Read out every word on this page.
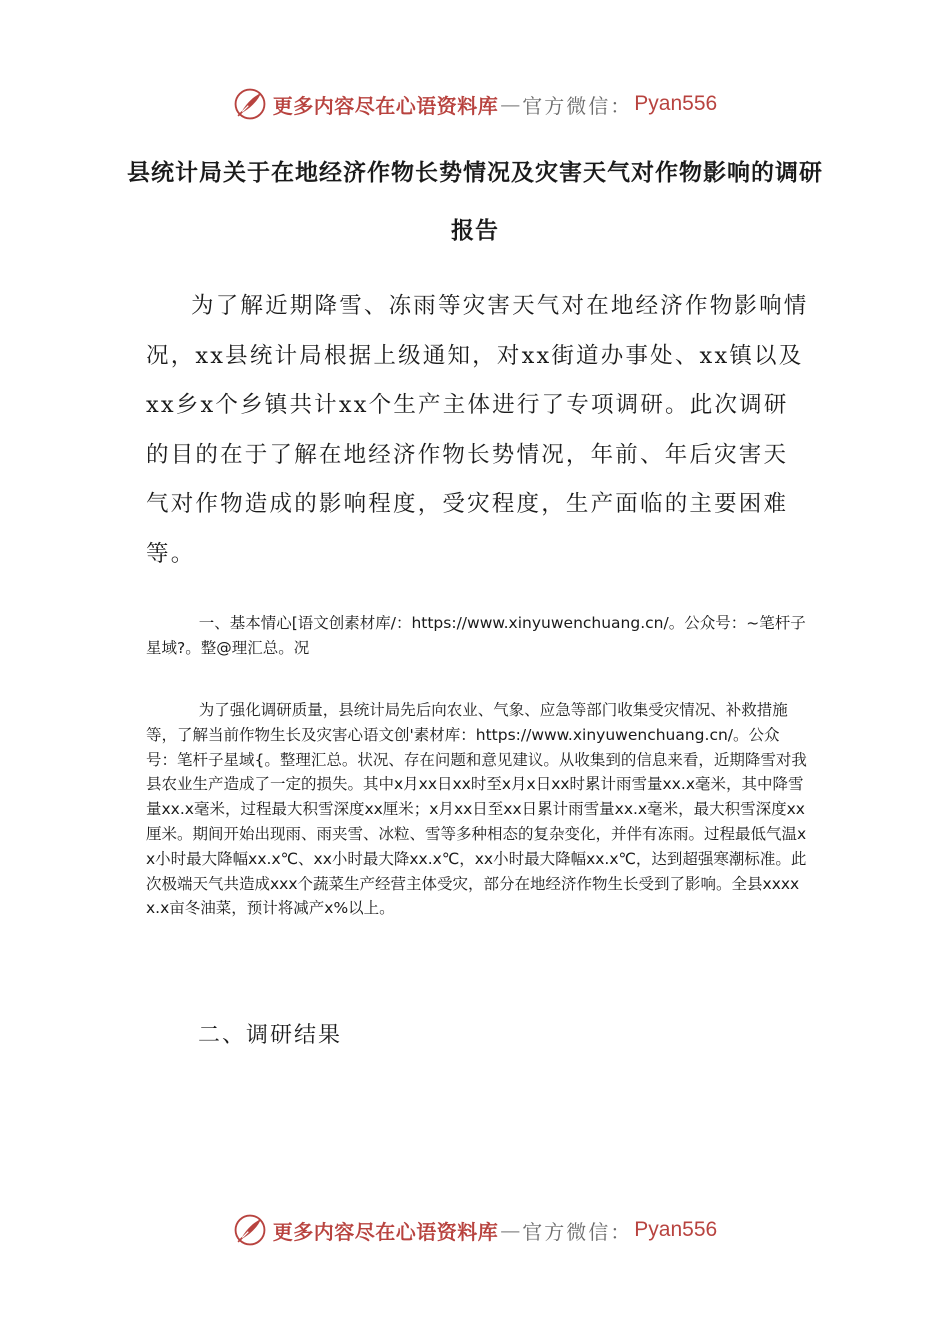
更多内容尽在心语资料库 — 官方微信： Pyan556
县统计局关于在地经济作物长势情况及灾害天气对作物影响的调研报告

为了解近期降雪、冻雨等灾害天气对在地经济作物影响情况，xx县统计局根据上级通知，对xx街道办事处、xx镇以及xx乡x个乡镇共计xx个生产主体进行了专项调研。此次调研的目的在于了解在地经济作物长势情况，年前、年后灾害天气对作物造成的影响程度，受灾程度，生产面临的主要困难等。

一、基本情心[语文创素材库/：https://www.xinyuwenchuang.cn/。公众号：~笔杆子星域?。整@理汇总。况

为了强化调研质量，县统计局先后向农业、气象、应急等部门收集受灾情况、补救措施等，了解当前作物生长及灾害心语文创'素材库：https://www.xinyuwenchuang.cn/。公众号：笔杆子星域{。整理汇总。状况、存在问题和意见建议。从收集到的信息来看，近期降雪对我县农业生产造成了一定的损失。其中x月xx日xx时至x月x日xx时累计雨雪量xx.x毫米，其中降雪量xx.x毫米，过程最大积雪深度xx厘米；x月xx日至xx日累计雨雪量xx.x毫米，最大积雪深度xx厘米。期间开始出现雨、雨夹雪、冰粒、雪等多种相态的复杂变化，并伴有冻雨。过程最低气温xx小时最大降幅xx.x℃、xx小时最大降xx.x℃，xx小时最大降幅xx.x℃，达到超强寒潮标准。此次极端天气共造成xxx个蔬菜生产经营主体受灾，部分在地经济作物生长受到了影响。全县xxxxx.x亩冬油菜，预计将减产x%以上。

二、调研结果

更多内容尽在心语资料库 — 官方微信： Pyan556
